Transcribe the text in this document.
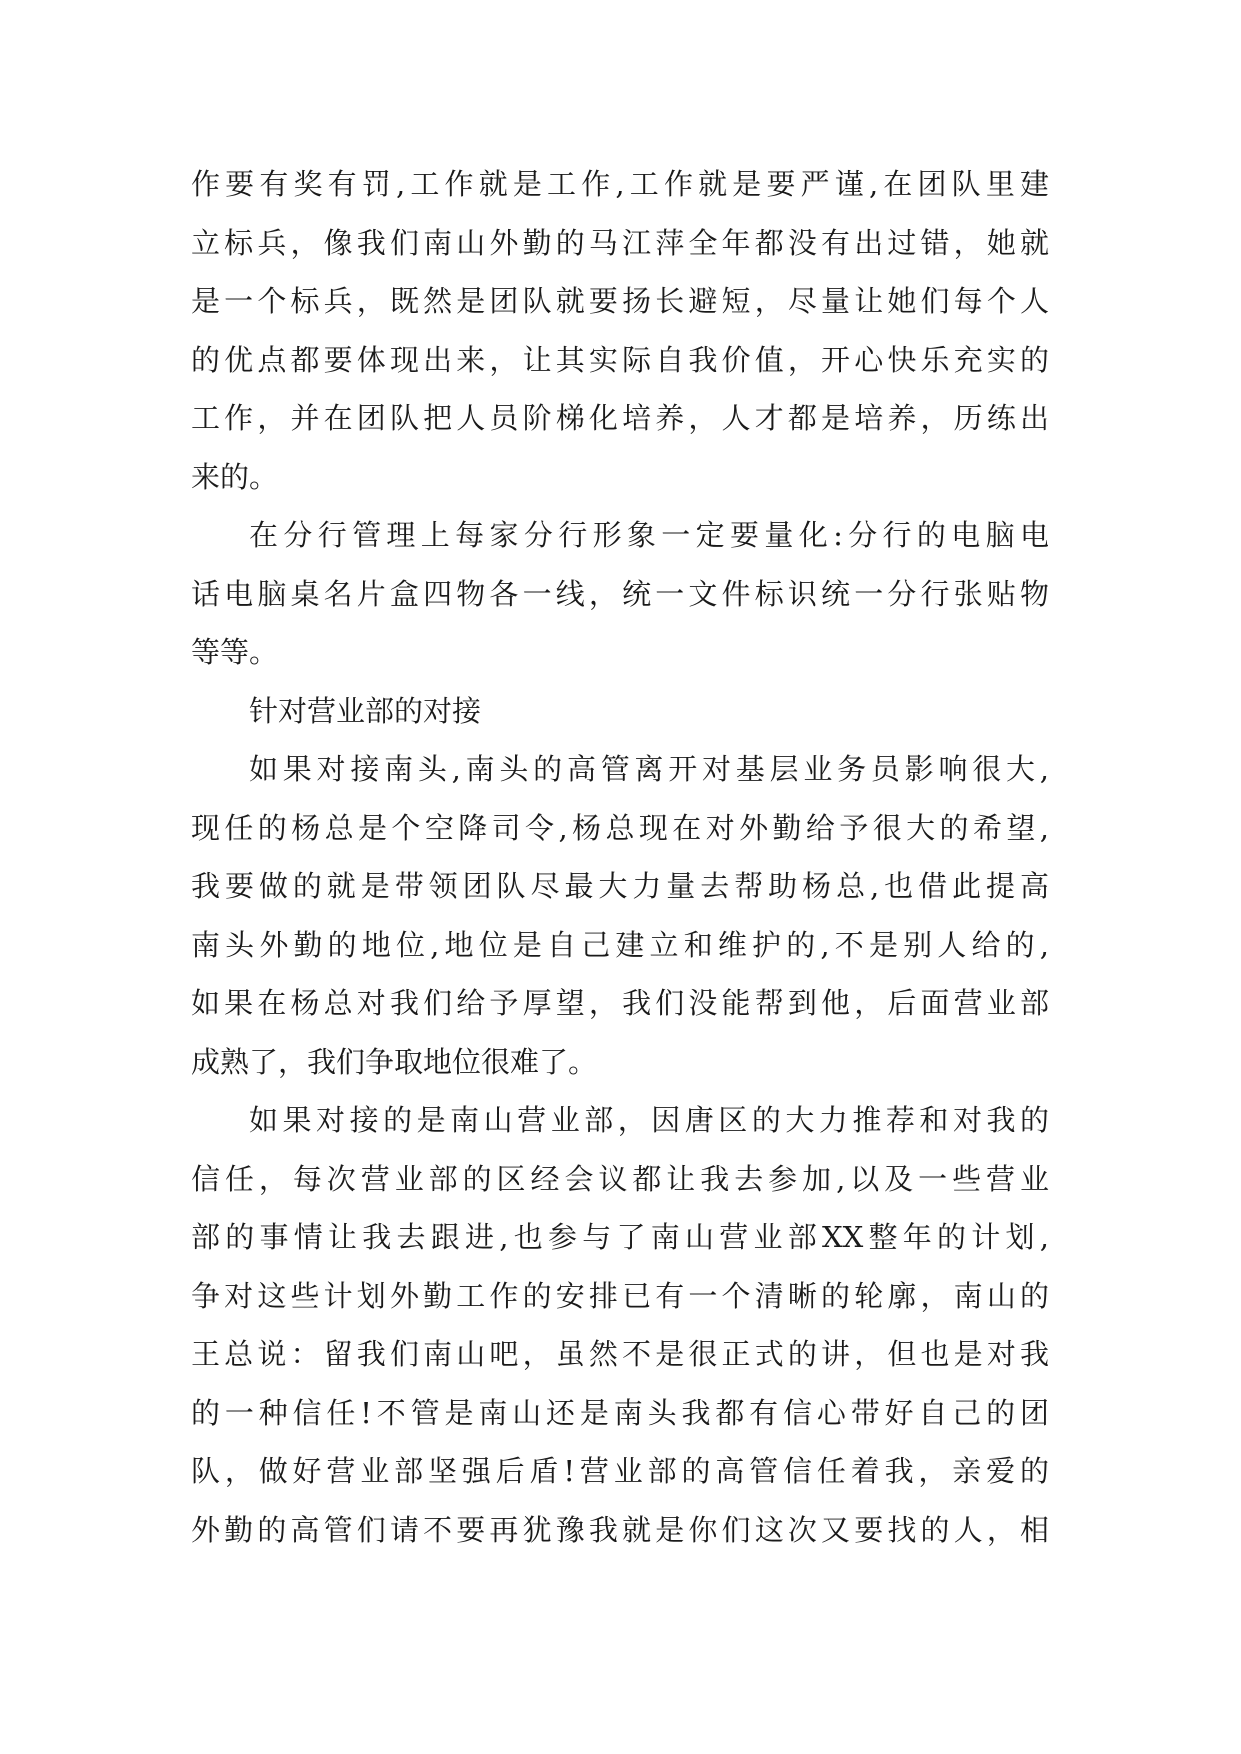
作要有奖有罚,工作就是工作,工作就是要严谨,在团队里建
立标兵，像我们南山外勤的马江萍全年都没有出过错，她就
是一个标兵，既然是团队就要扬长避短，尽量让她们每个人
的优点都要体现出来，让其实际自我价值，开心快乐充实的
工作，并在团队把人员阶梯化培养，人才都是培养，历练出
来的。
在分行管理上每家分行形象一定要量化:分行的电脑电
话电脑桌名片盒四物各一线，统一文件标识统一分行张贴物
等等。
针对营业部的对接
如果对接南头,南头的高管离开对基层业务员影响很大,
现任的杨总是个空降司令,杨总现在对外勤给予很大的希望,
我要做的就是带领团队尽最大力量去帮助杨总,也借此提高
南头外勤的地位,地位是自己建立和维护的,不是别人给的,
如果在杨总对我们给予厚望，我们没能帮到他，后面营业部
成熟了，我们争取地位很难了。
如果对接的是南山营业部，因唐区的大力推荐和对我的
信任，每次营业部的区经会议都让我去参加,以及一些营业
部的事情让我去跟进,也参与了南山营业部XX整年的计划,
争对这些计划外勤工作的安排已有一个清晰的轮廓，南山的
王总说：留我们南山吧，虽然不是很正式的讲，但也是对我
的一种信任!不管是南山还是南头我都有信心带好自己的团
队，做好营业部坚强后盾!营业部的高管信任着我，亲爱的
外勤的高管们请不要再犹豫我就是你们这次又要找的人，相
